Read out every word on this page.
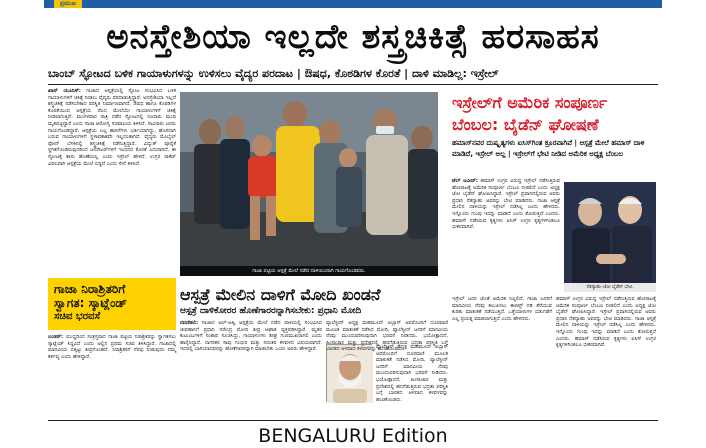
ಪ್ರಮುಖ
ಅನಸ್ತೇಶಿಯಾ ಇಲ್ಲದೇ ಶಸ್ತ್ರಚಿಕಿತ್ಸೆ ಹರಸಾಹಸ
ಬಾಂಬ್ ಸ್ಫೋಟದ ಬಳಿಕ ಗಾಯಾಳುಗಳನ್ನು ಉಳಿಸಲು ವೈದ್ಯರ ಪರದಾಟ | ಔಷಧ, ಕೊಠಡಿಗಳ ಕೊರತೆ | ದಾಳಿ ಮಾಡಿಲ್ಲ: ಇಸ್ರೇಲ್
ಖಾನ್ ಯೂನಿಸ್: ಗಾಜಾದ ಆಸ್ಪತ್ರೆಯಲ್ಲಿ ಸ್ಫೋಟ ಸಂಭವಿಸಿದ ಬಳಿಕ ಗಾಯಾಳುಗಳಿಗೆ ಚಿಕಿತ್ಸೆ ನೀಡಲು ವೈದ್ಯರು ಪರದಾಡುತ್ತಿದ್ದಾರೆ. ಅನಸ್ತೇಶಿಯಾ ಇಲ್ಲದೆ ಶಸ್ತ್ರಚಿಕಿತ್ಸೆ ನಡೆಸಬೇಕಾದ ಪರಿಸ್ಥಿತಿ ನಿರ್ಮಾಣವಾಗಿದೆ. ಔಷಧ ಹಾಗೂ ಕೊಠಡಿಗಳ ಕೊರತೆಯಿಂದ ಆಸ್ಪತ್ರೆಯ ನೆಲದ ಮೇಲೆಯೇ ಗಾಯಾಳುಗಳಿಗೆ ಚಿಕಿತ್ಸೆ ನೀಡಲಾಗುತ್ತಿದೆ. ಮಂಗಳವಾರ ರಾತ್ರಿ ನಡೆದ ಸ್ಫೋಟದಲ್ಲಿ ನೂರಾರು ಮಂದಿ ಮೃತಪಟ್ಟಿದ್ದಾರೆ ಎಂದು ಗಾಜಾ ಆರೋಗ್ಯ ಸಚಿವಾಲಯ ತಿಳಿಸಿದೆ. ಸಾವಿರಾರು ಜನರು ಗಾಯಗೊಂಡಿದ್ದಾರೆ. ಆಸ್ಪತ್ರೆಯ ಎಲ್ಲ ಹಾಸಿಗೆಗಳು ಭರ್ತಿಯಾಗಿದ್ದು, ಹೊಸದಾಗಿ ಬರುವ ಗಾಯಾಳುಗಳಿಗೆ ಸ್ಥಳಾವಕಾಶವೇ ಇಲ್ಲದಂತಾಗಿದೆ. ವೈದ್ಯರು ಮೊಬೈಲ್ ಫೋನ್ ಬೆಳಕಿನಲ್ಲಿ ಶಸ್ತ್ರಚಿಕಿತ್ಸೆ ನಡೆಸುತ್ತಿದ್ದಾರೆ. ವಿದ್ಯುತ್ ಪೂರೈಕೆ ಸ್ಥಗಿತಗೊಂಡಿರುವುದರಿಂದ ಜನರೇಟರ್‌ಗಳಿಗೆ ಇಂಧನದ ಕೊರತೆ ಎದುರಾಗಿದೆ. ಈ ಸ್ಫೋಟಕ್ಕೆ ತಾನು ಹೊಣೆಯಲ್ಲ ಎಂದು ಇಸ್ರೇಲ್ ಹೇಳಿದೆ. ಉಗ್ರರ ರಾಕೆಟ್ ವಿಫಲವಾಗಿ ಆಸ್ಪತ್ರೆಯ ಮೇಲೆ ಬಿದ್ದಿದೆ ಎಂದು ಸೇನೆ ತಿಳಿಸಿದೆ.
ಗಾಜಾ ಪಟ್ಟಿಯ ಆಸ್ಪತ್ರೆ ಮೇಲೆ ನಡೆದ ದಾಳಿಯಿಂದಾಗಿ ಗಾಯಗೊಂಡವರು.
ಇಸ್ರೇಲ್‌ಗೆ ಅಮೆರಿಕ ಸಂಪೂರ್ಣ
ಬೆಂಬಲ: ಬೈಡೆನ್ ಘೋಷಣೆ
ಹಮಾಸ್‌ನವರ ದುಷ್ಕೃತ್ಯಗಳು ಐಸಿಸ್‌ಗಿಂತ ಕ್ರೂರವಾಗಿವೆ | ಆಸ್ಪತ್ರೆ ಮೇಲೆ ಹಮಾಸ್ ದಾಳಿ ಮಾಡಿದೆ, ಇಸ್ರೇಲ್ ಅಲ್ಲ | ಇಸ್ರೇಲ್‌ಗೆ ಭೇಟಿ ನೀಡಿದ ಅಮೆರಿಕ ಅಧ್ಯಕ್ಷ ಬೆಂಬಲ
ಟೆಲ್ ಅವೀವ್: ಹಮಾಸ್ ಉಗ್ರರ ವಿರುದ್ಧ ಇಸ್ರೇಲ್ ನಡೆಸುತ್ತಿರುವ ಹೋರಾಟಕ್ಕೆ ಅಮೆರಿಕ ಸಂಪೂರ್ಣ ಬೆಂಬಲ ನೀಡಲಿದೆ ಎಂದು ಅಧ್ಯಕ್ಷ ಜೋ ಬೈಡೆನ್ ಘೋಷಿಸಿದ್ದಾರೆ. ಇಸ್ರೇಲ್ ಪ್ರವಾಸದಲ್ಲಿರುವ ಅವರು ಪ್ರಧಾನಿ ನೆತನ್ಯಾಹು ಅವರನ್ನು ಭೇಟಿ ಮಾಡಿದರು. ಗಾಜಾ ಆಸ್ಪತ್ರೆ ಮೇಲಿನ ದಾಳಿಯನ್ನು ಇಸ್ರೇಲ್ ನಡೆಸಿಲ್ಲ ಎಂದು ಹೇಳಿದರು. ಇನ್ನೊಂದು ಗುಂಪು ಇದನ್ನು ಮಾಡಿದೆ ಎಂದು ತೋರುತ್ತದೆ ಎಂದರು. ಹಮಾಸ್ ನಡೆಸಿರುವ ಕೃತ್ಯಗಳು ಐಸಿಸ್ ಉಗ್ರರ ಕೃತ್ಯಗಳಿಗಿಂತಲೂ ಭೀಕರವಾಗಿವೆ.
ನೆತನ್ಯಾಹು–ಜೋ ಬೈಡೆನ್ ಭೇಟಿ.
ಇಸ್ರೇಲ್ ಜನರ ಜೊತೆ ಅಮೆರಿಕ ನಿಲ್ಲಲಿದೆ. ಗಾಜಾ ಜನರಿಗೆ ಮಾನವೀಯ ನೆರವು ತಲುಪಿಸಲು ಈಜಿಪ್ಟ್ ಗಡಿ ತೆರೆಯುವ ಕುರಿತು ಮಾತುಕತೆ ನಡೆಯುತ್ತಿದೆ. ಒತ್ತೆಯಾಳುಗಳ ಬಿಡುಗಡೆಗೆ ಎಲ್ಲ ಪ್ರಯತ್ನ ಮಾಡಲಾಗುತ್ತಿದೆ ಎಂದು ಹೇಳಿದರು.
ಹಮಾಸ್ ಉಗ್ರರ ವಿರುದ್ಧ ಇಸ್ರೇಲ್ ನಡೆಸುತ್ತಿರುವ ಹೋರಾಟಕ್ಕೆ ಅಮೆರಿಕ ಸಂಪೂರ್ಣ ಬೆಂಬಲ ನೀಡಲಿದೆ ಎಂದು ಅಧ್ಯಕ್ಷ ಜೋ ಬೈಡೆನ್ ಘೋಷಿಸಿದ್ದಾರೆ. ಇಸ್ರೇಲ್ ಪ್ರವಾಸದಲ್ಲಿರುವ ಅವರು ಪ್ರಧಾನಿ ನೆತನ್ಯಾಹು ಅವರನ್ನು ಭೇಟಿ ಮಾಡಿದರು. ಗಾಜಾ ಆಸ್ಪತ್ರೆ ಮೇಲಿನ ದಾಳಿಯನ್ನು ಇಸ್ರೇಲ್ ನಡೆಸಿಲ್ಲ ಎಂದು ಹೇಳಿದರು. ಇನ್ನೊಂದು ಗುಂಪು ಇದನ್ನು ಮಾಡಿದೆ ಎಂದು ತೋರುತ್ತದೆ ಎಂದರು. ಹಮಾಸ್ ನಡೆಸಿರುವ ಕೃತ್ಯಗಳು ಐಸಿಸ್ ಉಗ್ರರ ಕೃತ್ಯಗಳಿಗಿಂತಲೂ ಭೀಕರವಾಗಿವೆ.
ಗಾಜಾ ನಿರಾಶ್ರಿತರಿಗೆ
ಸ್ವಾಗತ: ಸ್ಕಾಟ್ಲೆಂಡ್
ಸಚಿವ ಭರವಸೆ
ಲಂಡನ್: ಯುದ್ಧದಿಂದ ಸಂತ್ರಸ್ತರಾದ ಗಾಜಾ ಪಟ್ಟಿಯ ನಿರಾಶ್ರಿತರನ್ನು ಸ್ವಾಗತಿಸಲು ಸ್ಕಾಟ್ಲೆಂಡ್ ಸಿದ್ಧವಿದೆ ಎಂದು ಅಲ್ಲಿನ ಪ್ರಥಮ ಸಚಿವ ತಿಳಿಸಿದ್ದಾರೆ. ಗಾಜಾದಲ್ಲಿ ಮಾನವೀಯ ಬಿಕ್ಕಟ್ಟು ತೀವ್ರಗೊಂಡಿದೆ. ನಿರಾಶ್ರಿತರಿಗೆ ನೆರವು ನೀಡುವುದು ನಮ್ಮ ಕರ್ತವ್ಯ ಎಂದು ಹೇಳಿದ್ದಾರೆ.
ಆಸ್ಪತ್ರೆ ಮೇಲಿನ ದಾಳಿಗೆ ಮೋದಿ ಖಂಡನೆ
ಆಸ್ಪತ್ರೆ ದಾಳಿಕೋರರ ಹೊಣೆಗಾರರನ್ನಾಗಿಸಬೇಕು: ಪ್ರಧಾನಿ ಮೋದಿ
ನವದೆಹಲಿ: ಗಾಜಾದ ಅಲ್-ಅಹ್ಲಿ ಆಸ್ಪತ್ರೆಯ ಮೇಲೆ ನಡೆದ ದಾಳಿಯಲ್ಲಿ ಸಂಭವಿಸಿದ ಜೀವಹಾನಿಗೆ ಪ್ರಧಾನಿ ನರೇಂದ್ರ ಮೋದಿ ತೀವ್ರ ಆಘಾತ ವ್ಯಕ್ತಪಡಿಸಿದ್ದಾರೆ. ಮೃತರ ಕುಟುಂಬಗಳಿಗೆ ಸಂತಾಪ ಸೂಚಿಸಿದ್ದು, ಗಾಯಾಳುಗಳು ಶೀಘ್ರ ಗುಣಮುಖರಾಗಲಿ ಎಂದು ಹಾರೈಸಿದ್ದಾರೆ. ನಾಗರಿಕರ ಸಾವು ಗಂಭೀರ ಮತ್ತು ನಿರಂತರ ಕಳವಳದ ವಿಷಯವಾಗಿದೆ. ಇದರಲ್ಲಿ ಭಾಗಿಯಾದವರನ್ನು ಹೊಣೆಗಾರರನ್ನಾಗಿ ಮಾಡಬೇಕು ಎಂದು ಅವರು ಹೇಳಿದ್ದಾರೆ.
ಪ್ಯಾಲೆಸ್ಟೀನ್ ಅಧ್ಯಕ್ಷ ಮಹಮೂದ್ ಅಬ್ಬಾಸ್ ಅವರೊಂದಿಗೆ ದೂರವಾಣಿ ಮೂಲಕ ಮಾತುಕತೆ ನಡೆಸಿದ ಮೋದಿ, ಪ್ಯಾಲೆಸ್ಟೀನ್ ಜನರಿಗೆ ಮಾನವೀಯ ನೆರವು ಮುಂದುವರಿಸುವುದಾಗಿ ಭರವಸೆ ನೀಡಿದರು. ಭಯೋತ್ಪಾದನೆ, ಹಿಂಸಾಚಾರ ಮತ್ತು ಪ್ರದೇಶದಲ್ಲಿ ಹದಗೆಡುತ್ತಿರುವ ಭದ್ರತಾ ಪರಿಸ್ಥಿತಿ ಬಗ್ಗೆ ಭಾರತದ ಆಳವಾದ ಕಳವಳವನ್ನು ಹಂಚಿಕೊಂಡರು.
ಪ್ಯಾಲೆಸ್ಟೀನ್ ಅಧ್ಯಕ್ಷ ಮಹಮೂದ್ ಅಬ್ಬಾಸ್ ಅವರೊಂದಿಗೆ ದೂರವಾಣಿ ಮೂಲಕ ಮಾತುಕತೆ ನಡೆಸಿದ ಮೋದಿ, ಪ್ಯಾಲೆಸ್ಟೀನ್ ಜನರಿಗೆ ಮಾನವೀಯ ನೆರವು ಮುಂದುವರಿಸುವುದಾಗಿ ಭರವಸೆ ನೀಡಿದರು. ಭಯೋತ್ಪಾದನೆ, ಹಿಂಸಾಚಾರ ಮತ್ತು ಪ್ರದೇಶದಲ್ಲಿ ಹದಗೆಡುತ್ತಿರುವ ಭದ್ರತಾ ಪರಿಸ್ಥಿತಿ ಬಗ್ಗೆ ಭಾರತದ ಆಳವಾದ ಕಳವಳವನ್ನು ಹಂಚಿಕೊಂಡರು.
BENGALURU Edition
